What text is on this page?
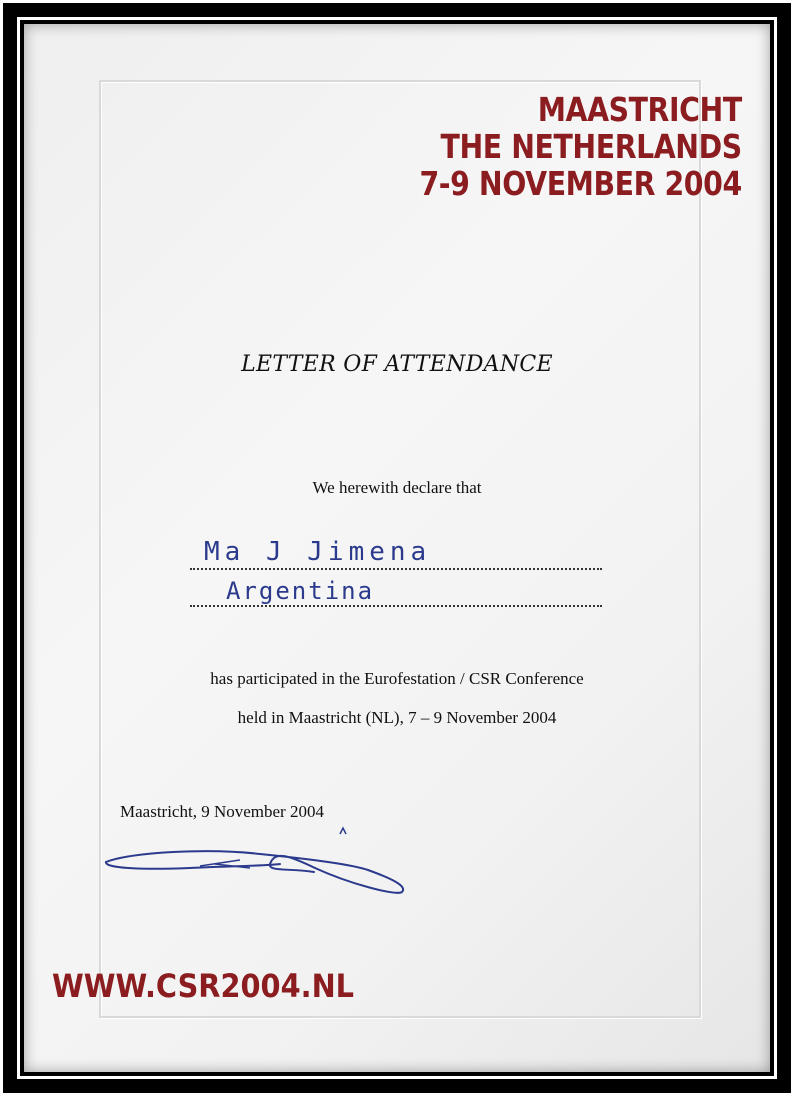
MAASTRICHT
THE NETHERLANDS
7-9 NOVEMBER 2004
LETTER OF ATTENDANCE
We herewith declare that
Ma J Jimena
Argentina
has participated in the Eurofestation / CSR Conference
held in Maastricht (NL), 7 – 9 November 2004
Maastricht, 9 November 2004
WWW.CSR2004.NL
